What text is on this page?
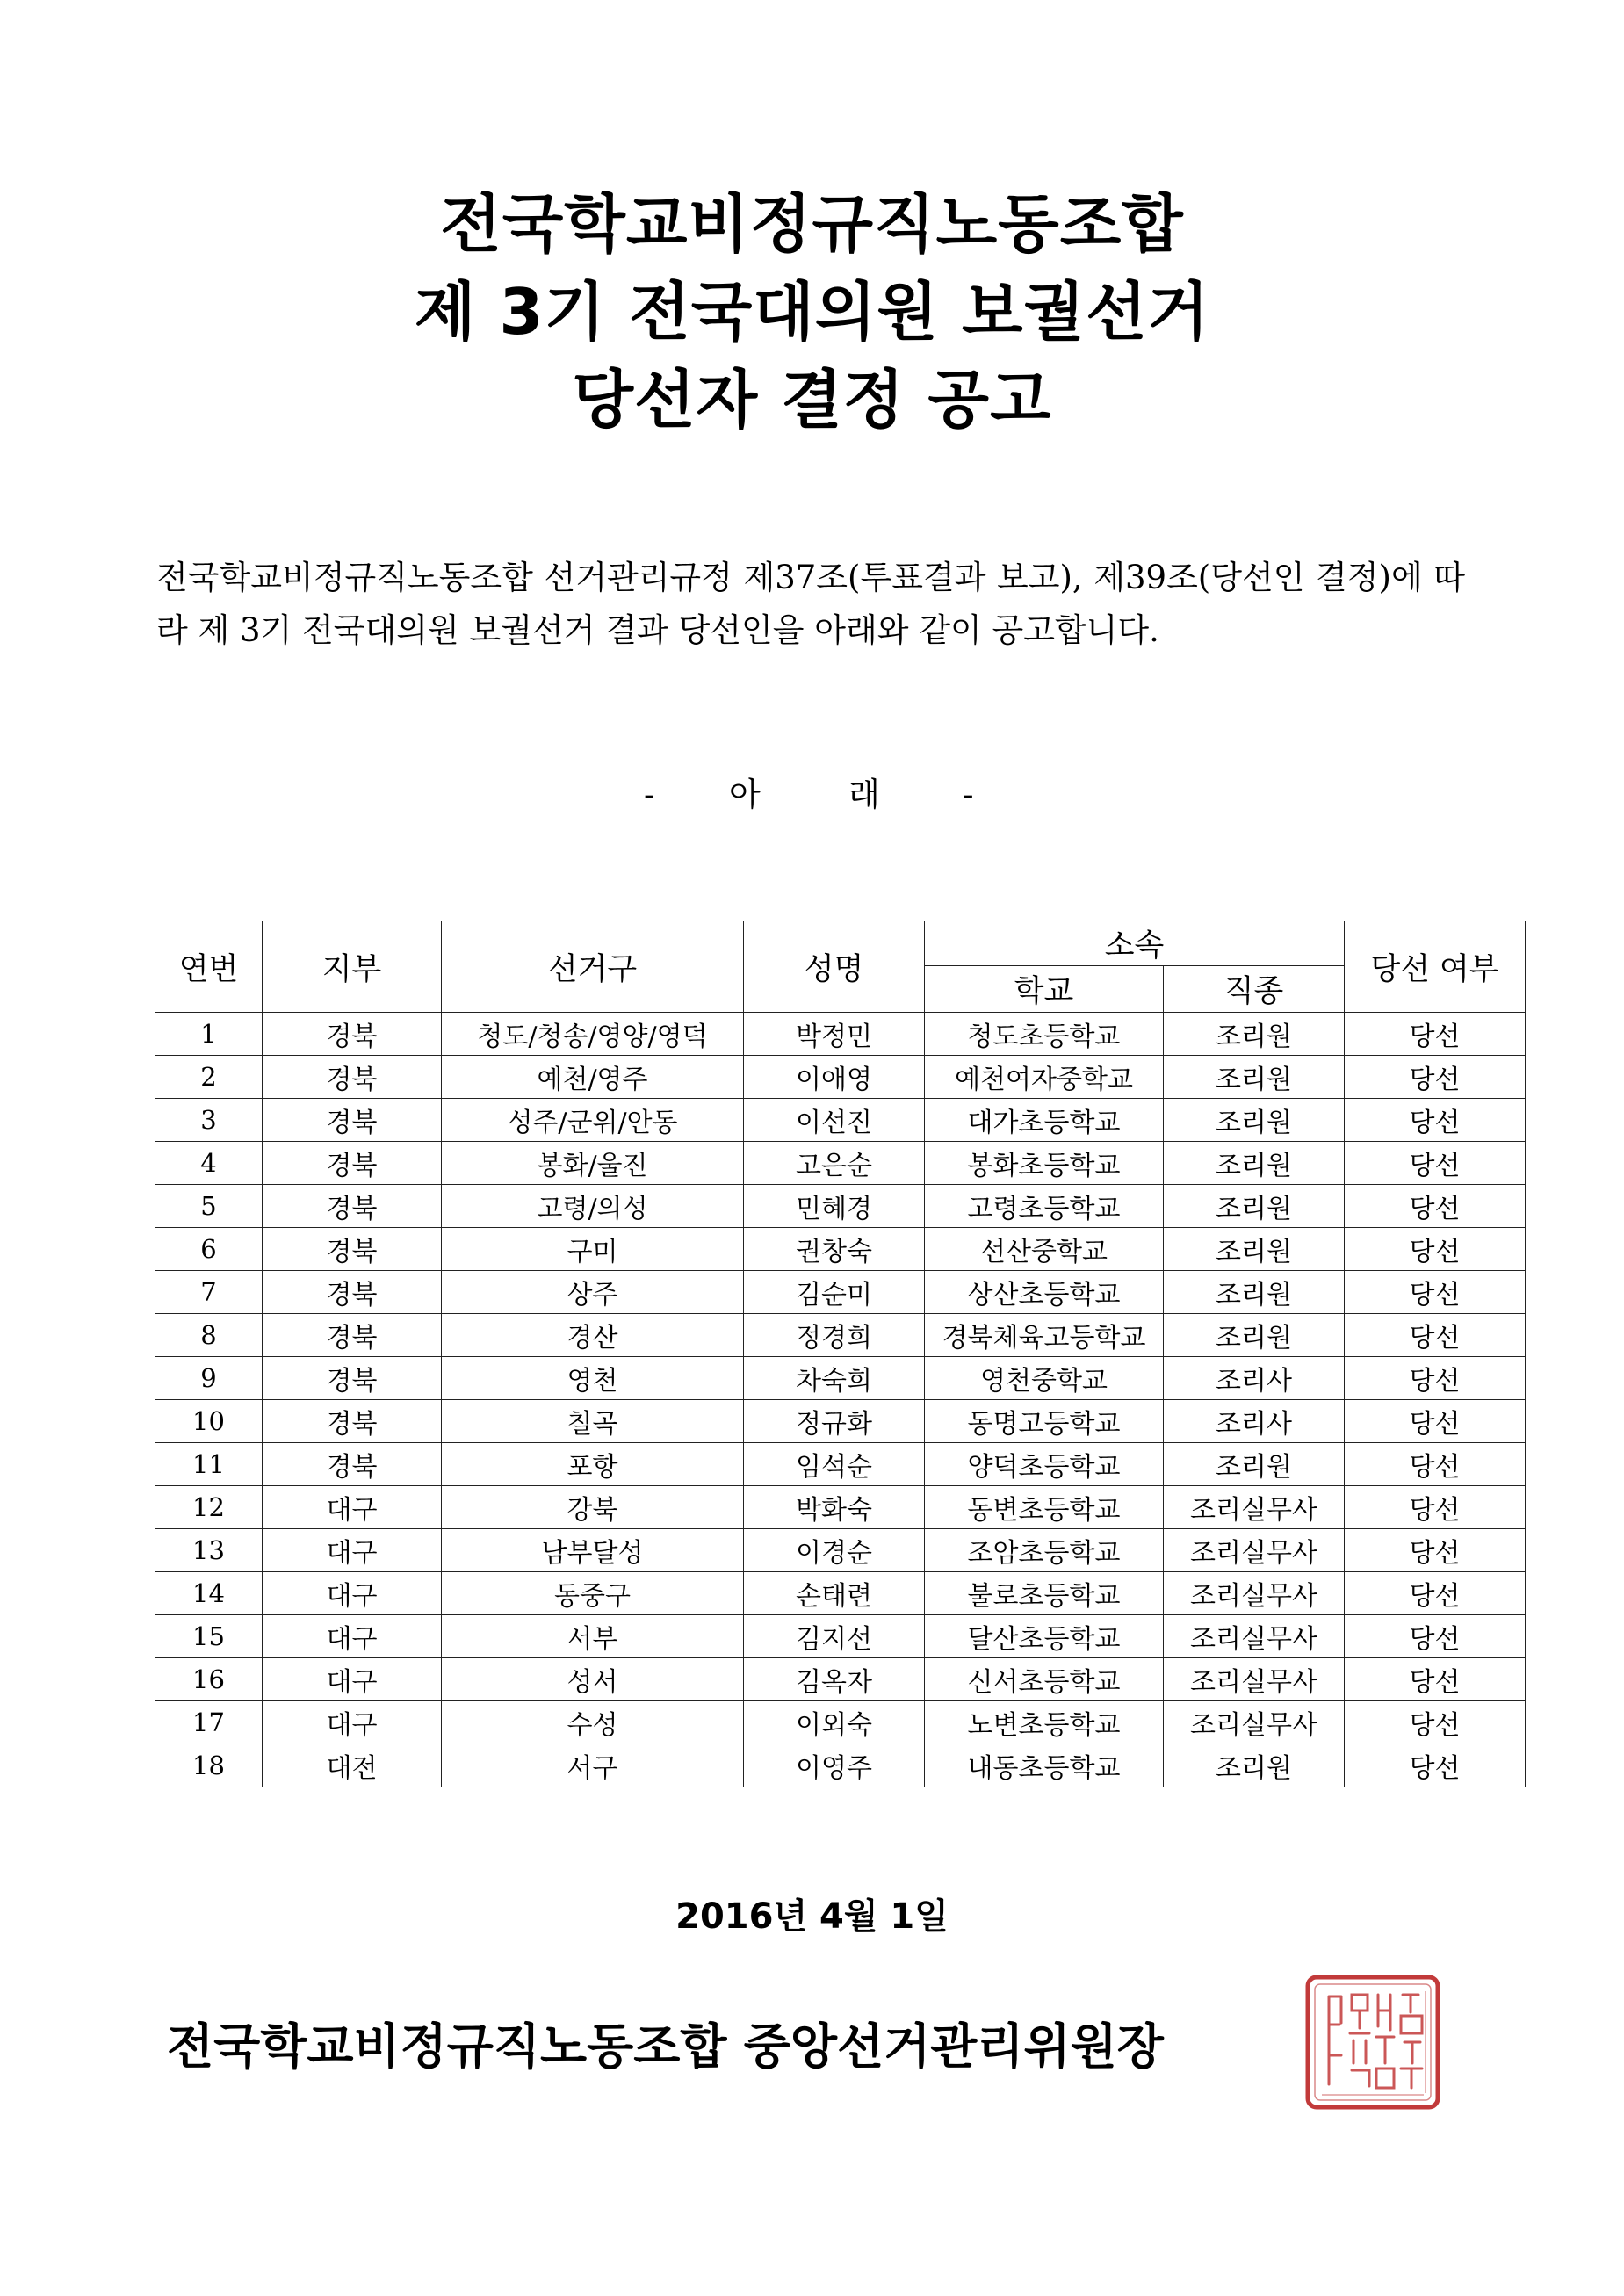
전국학교비정규직노동조합
제 3기 전국대의원 보궐선거
당선자 결정 공고
전국학교비정규직노동조합 선거관리규정 제37조(투표결과 보고), 제39조(당선인 결정)에 따라 제 3기 전국대의원 보궐선거 결과 당선인을 아래와 같이 공고합니다.
- 아	래	-
연번	지부	선거구	성명	소속		당선 여부
				학교	직종	
1	경북	청도/청송/영양/영덕	박정민	청도초등학교	조리원	당선
2	경북	예천/영주	이애영	예천여자중학교	조리원	당선
3	경북	성주/군위/안동	이선진	대가초등학교	조리원	당선
4	경북	봉화/울진	고은순	봉화초등학교	조리원	당선
5	경북	고령/의성	민혜경	고령초등학교	조리원	당선
6	경북	구미	권창숙	선산중학교	조리원	당선
7	경북	상주	김순미	상산초등학교	조리원	당선
8	경북	경산	정경희	경북체육고등학교	조리원	당선
9	경북	영천	차숙희	영천중학교	조리사	당선
10	경북	칠곡	정규화	동명고등학교	조리사	당선
11	경북	포항	임석순	양덕초등학교	조리원	당선
12	대구	강북	박화숙	동변초등학교	조리실무사	당선
13	대구	남부달성	이경순	조암초등학교	조리실무사	당선
14	대구	동중구	손태련	불로초등학교	조리실무사	당선
15	대구	서부	김지선	달산초등학교	조리실무사	당선
16	대구	성서	김옥자	신서초등학교	조리실무사	당선
17	대구	수성	이외숙	노변초등학교	조리실무사	당선
18	대전	서구	이영주	내동초등학교	조리원	당선
2016년 4월 1일
전국학교비정규직노동조합 중앙선거관리위원장
